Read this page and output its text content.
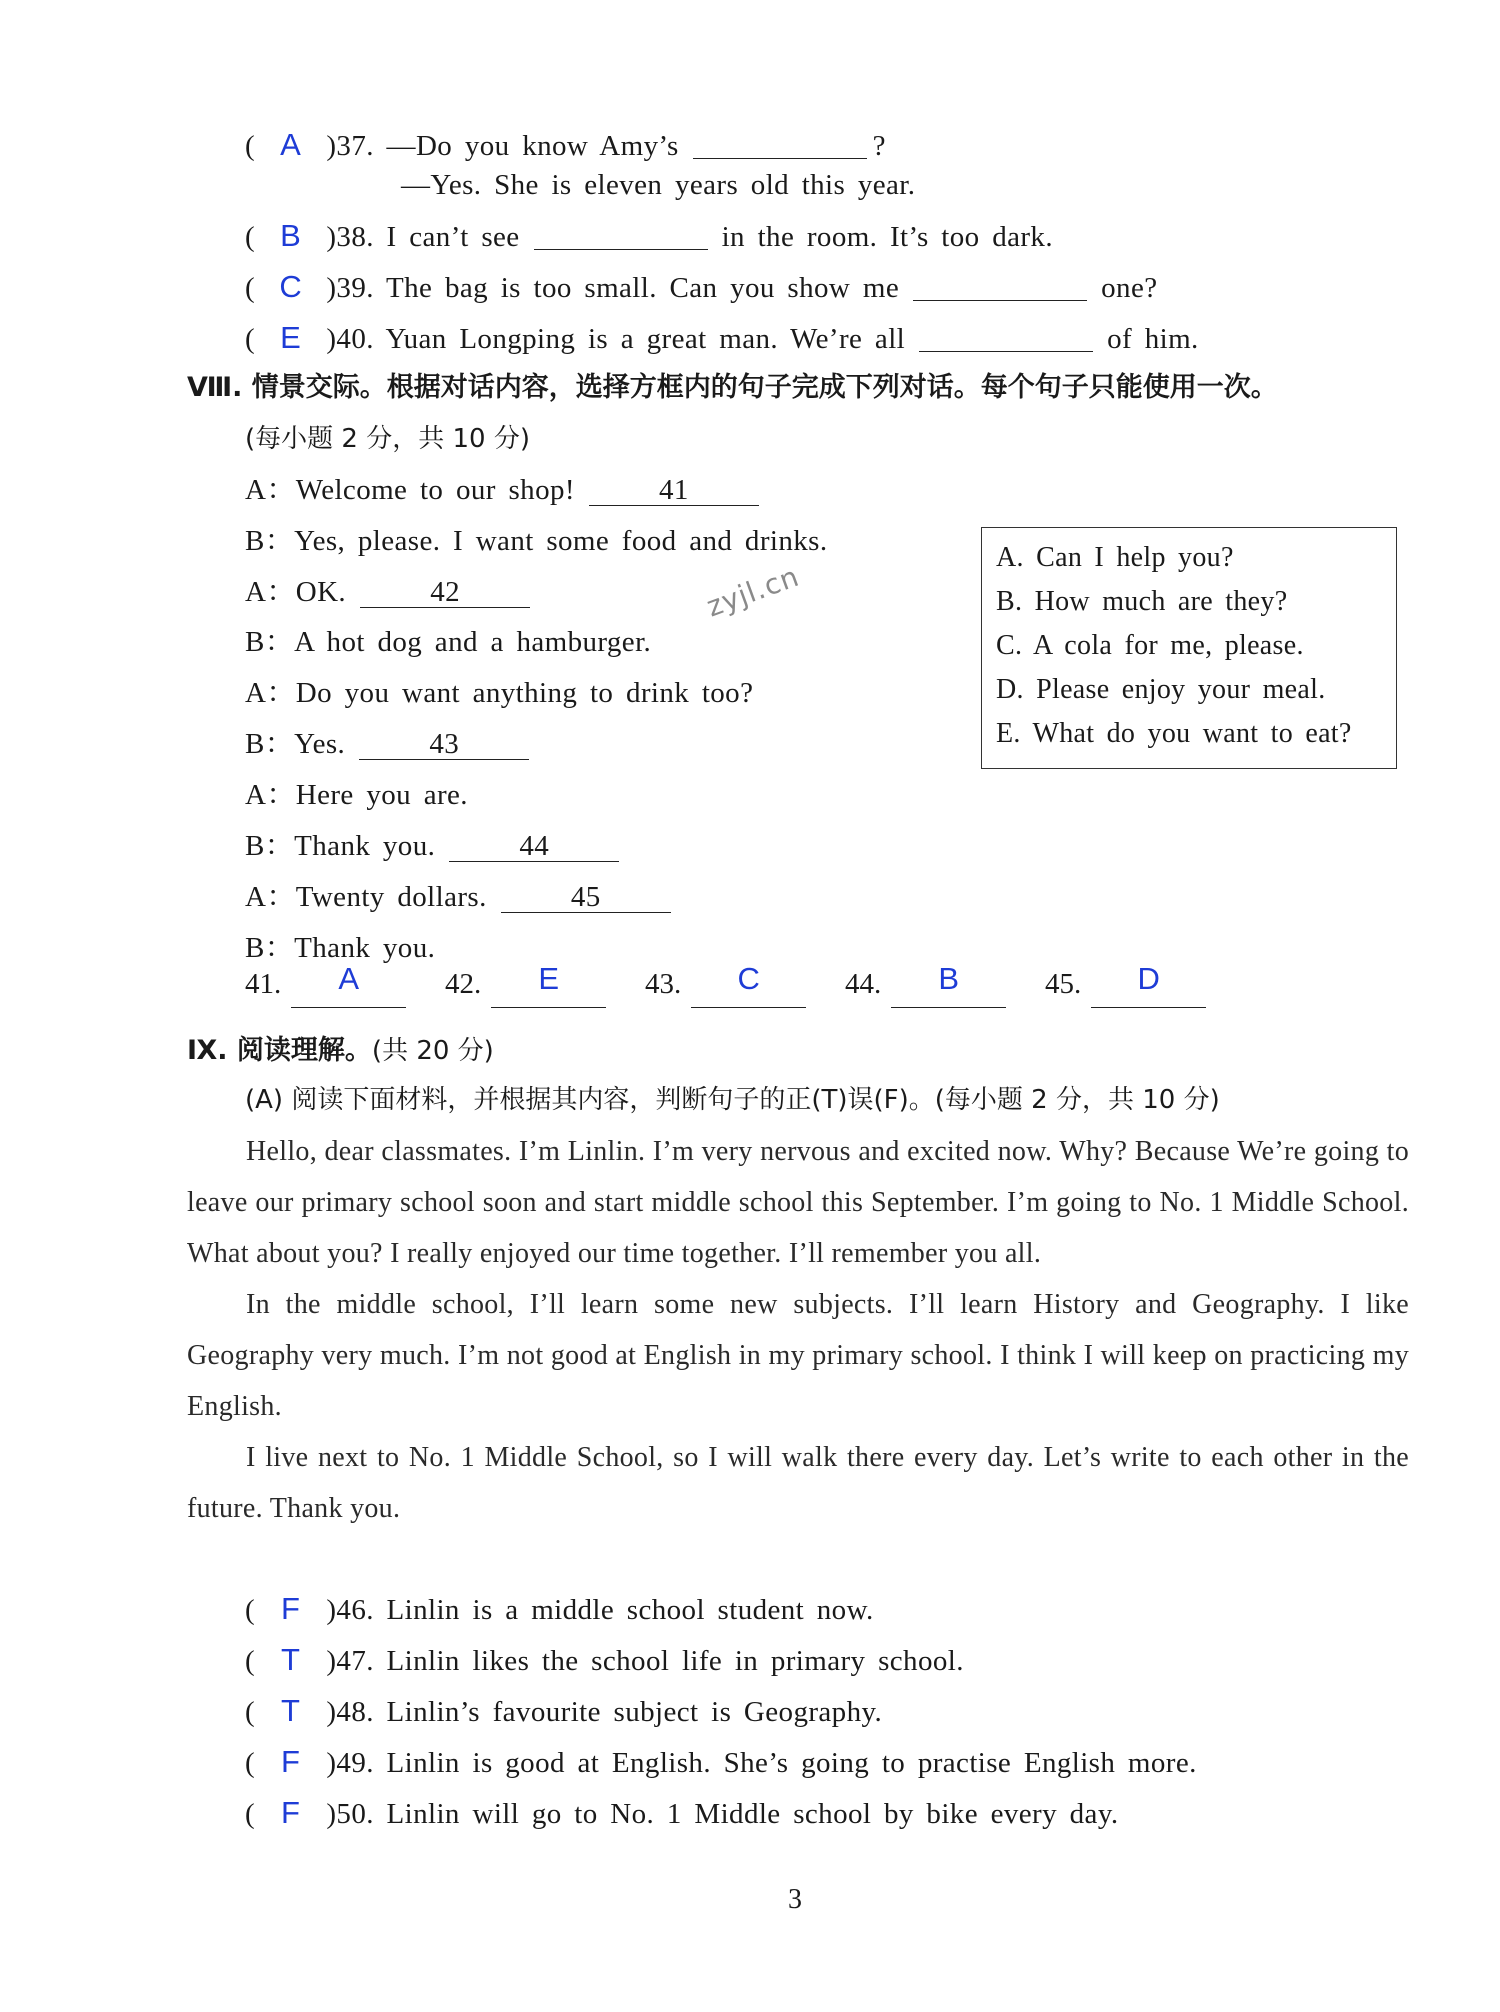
( A )37. —Do you know Amy’s	?
—Yes. She is eleven years old this year.
( B )38. I can’t see	in the room. It’s too dark.
( C )39. The bag is too small. Can you show me	one?
( E )40. Yuan Longping is a great man. We’re all	of him.
Ⅷ. 情景交际。根据对话内容，选择方框内的句子完成下列对话。每个句子只能使用一次。
(每小题 2 分，共 10 分)
A：Welcome to our shop!	41
B：Yes, please. I want some food and drinks.
A：OK.	42
B：A hot dog and a hamburger.
A：Do you want anything to drink too?
B：Yes.	43
A：Here you are.
B：Thank you.	44
A：Twenty dollars.	45
B：Thank you.
A. Can I help you?
B. How much are they?
C. A cola for me, please.
D. Please enjoy your meal.
E. What do you want to eat?
zyjl.cn
41. A	42. E	43. C	44. B	45. D
Ⅸ. 阅读理解。(共 20 分)
(A) 阅读下面材料，并根据其内容，判断句子的正(T)误(F)。(每小题 2 分，共 10 分)

Hello, dear classmates. I’m Linlin. I’m very nervous and excited now. Why? Because We’re going to leave our primary school soon and start middle school this September. I’m going to No. 1 Middle School. What about you? I really enjoyed our time together. I’ll remember you all.

In the middle school, I’ll learn some new subjects. I’ll learn History and Geography. I like Geography very much. I’m not good at English in my primary school. I think I will keep on practicing my English.

I live next to No. 1 Middle School, so I will walk there every day. Let’s write to each other in the future. Thank you.

( F )46. Linlin is a middle school student now.
( T )47. Linlin likes the school life in primary school.
( T )48. Linlin’s favourite subject is Geography.
( F )49. Linlin is good at English. She’s going to practise English more.
( F )50. Linlin will go to No. 1 Middle school by bike every day.
3
